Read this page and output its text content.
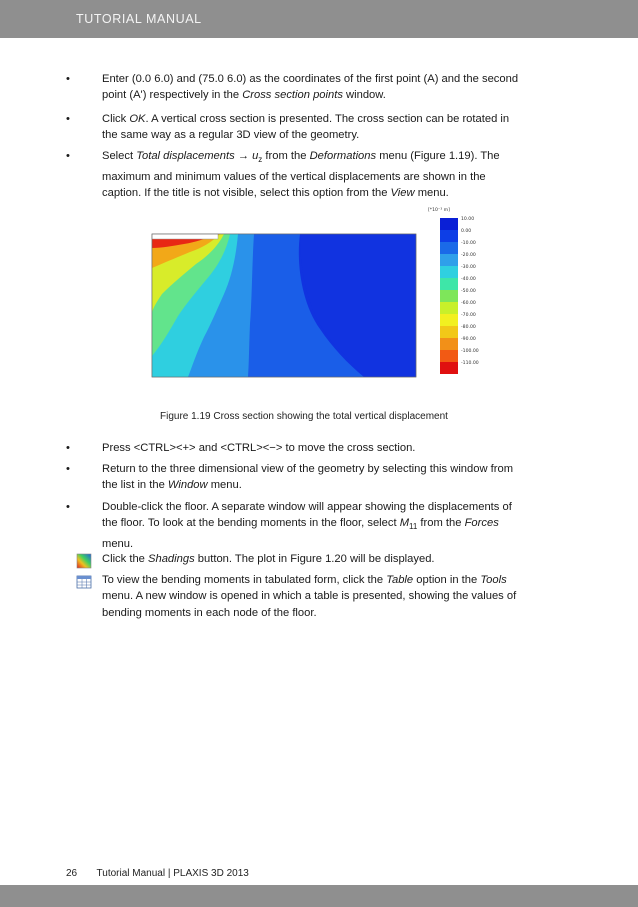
TUTORIAL MANUAL
•	Enter (0.0 6.0) and (75.0 6.0) as the coordinates of the first point (A) and the second
point (A') respectively in the Cross section points window.
•	Click OK. A vertical cross section is presented. The cross section can be rotated in
the same way as a regular 3D view of the geometry.
•	Select Total displacements → $u_z$ from the Deformations menu (Figure 1.19). The
maximum and minimum values of the vertical displacements are shown in the
caption. If the title is not visible, select this option from the View menu.
[*10⁻³ m]
10.00
0.00
-10.00
-20.00
-30.00
-40.00
-50.00
-60.00
-70.00
-80.00
-90.00
-100.00
-110.00
Figure 1.19 Cross section showing the total vertical displacement
•	Press <CTRL><+> and <CTRL><−> to move the cross section.
•	Return to the three dimensional view of the geometry by selecting this window from
the list in the Window menu.
•	Double-click the floor. A separate window will appear showing the displacements of
the floor. To look at the bending moments in the floor, select $M_{11}$ from the Forces
menu.
Click the Shadings button. The plot in Figure 1.20 will be displayed.
To view the bending moments in tabulated form, click the Table option in the Tools
menu. A new window is opened in which a table is presented, showing the values of
bending moments in each node of the floor.
26 Tutorial Manual | PLAXIS 3D 2013
